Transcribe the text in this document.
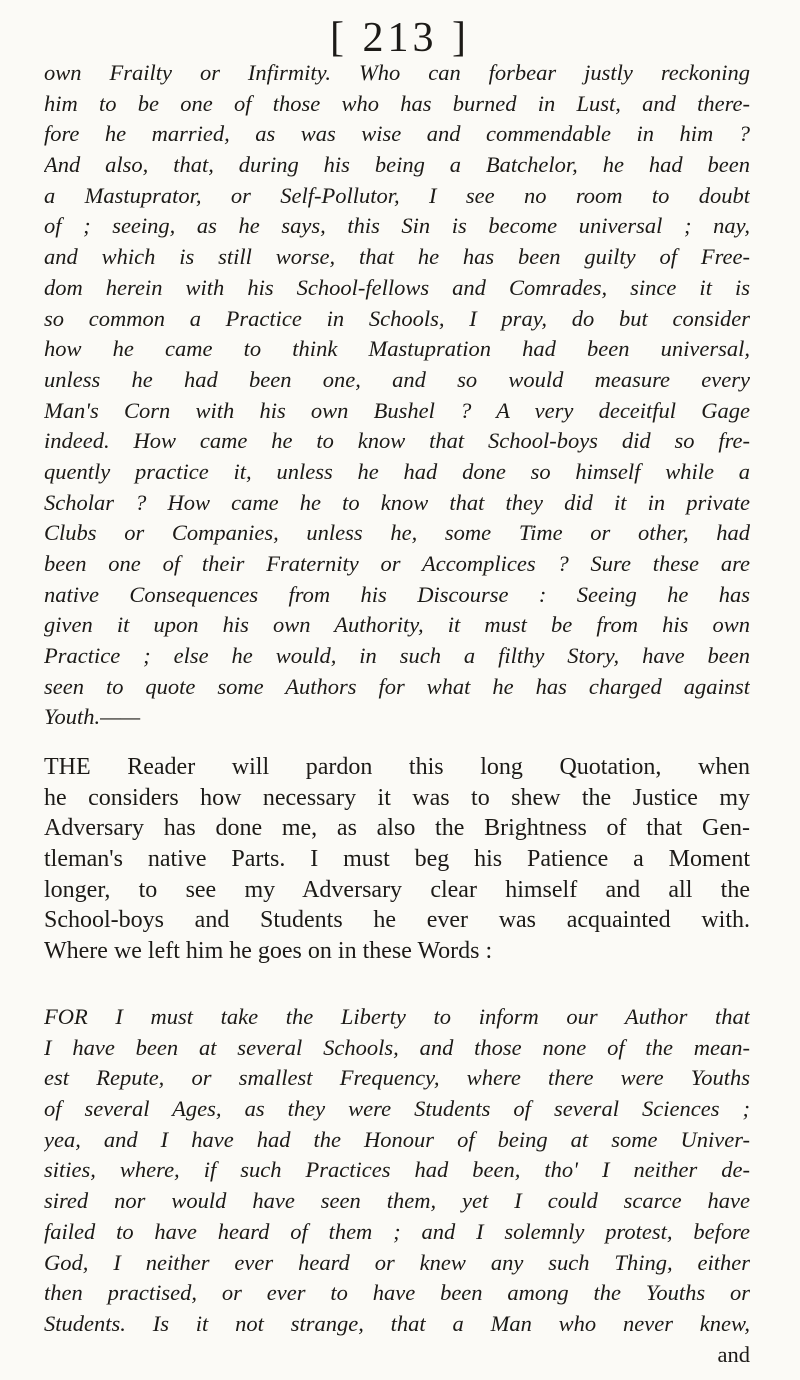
[ 213 ]
own Frailty or Infirmity. Who can forbear justly reckoning
him to be one of those who has burned in Lust, and there-
fore he married, as was wise and commendable in him ?
And also, that, during his being a Batchelor, he had been
a Mastuprator, or Self-Pollutor, I see no room to doubt
of ; seeing, as he says, this Sin is become universal ; nay,
and which is still worse, that he has been guilty of Free-
dom herein with his School-fellows and Comrades, since it is
so common a Practice in Schools, I pray, do but consider
how he came to think Mastupration had been universal,
unless he had been one, and so would measure every
Man's Corn with his own Bushel ? A very deceitful Gage
indeed. How came he to know that School-boys did so fre-
quently practice it, unless he had done so himself while a
Scholar ? How came he to know that they did it in private
Clubs or Companies, unless he, some Time or other, had
been one of their Fraternity or Accomplices ? Sure these are
native Consequences from his Discourse : Seeing he has
given it upon his own Authority, it must be from his own
Practice ; else he would, in such a filthy Story, have been
seen to quote some Authors for what he has charged against
Youth.——
THE Reader will pardon this long Quotation, when
he considers how necessary it was to shew the Justice my
Adversary has done me, as also the Brightness of that Gen-
tleman's native Parts. I must beg his Patience a Moment
longer, to see my Adversary clear himself and all the
School-boys and Students he ever was acquainted with.
Where we left him he goes on in these Words :
FOR I must take the Liberty to inform our Author that
I have been at several Schools, and those none of the mean-
est Repute, or smallest Frequency, where there were Youths
of several Ages, as they were Students of several Sciences ;
yea, and I have had the Honour of being at some Univer-
sities, where, if such Practices had been, tho' I neither de-
sired nor would have seen them, yet I could scarce have
failed to have heard of them ; and I solemnly protest, before
God, I neither ever heard or knew any such Thing, either
then practised, or ever to have been among the Youths or
Students. Is it not strange, that a Man who never knew,
and
